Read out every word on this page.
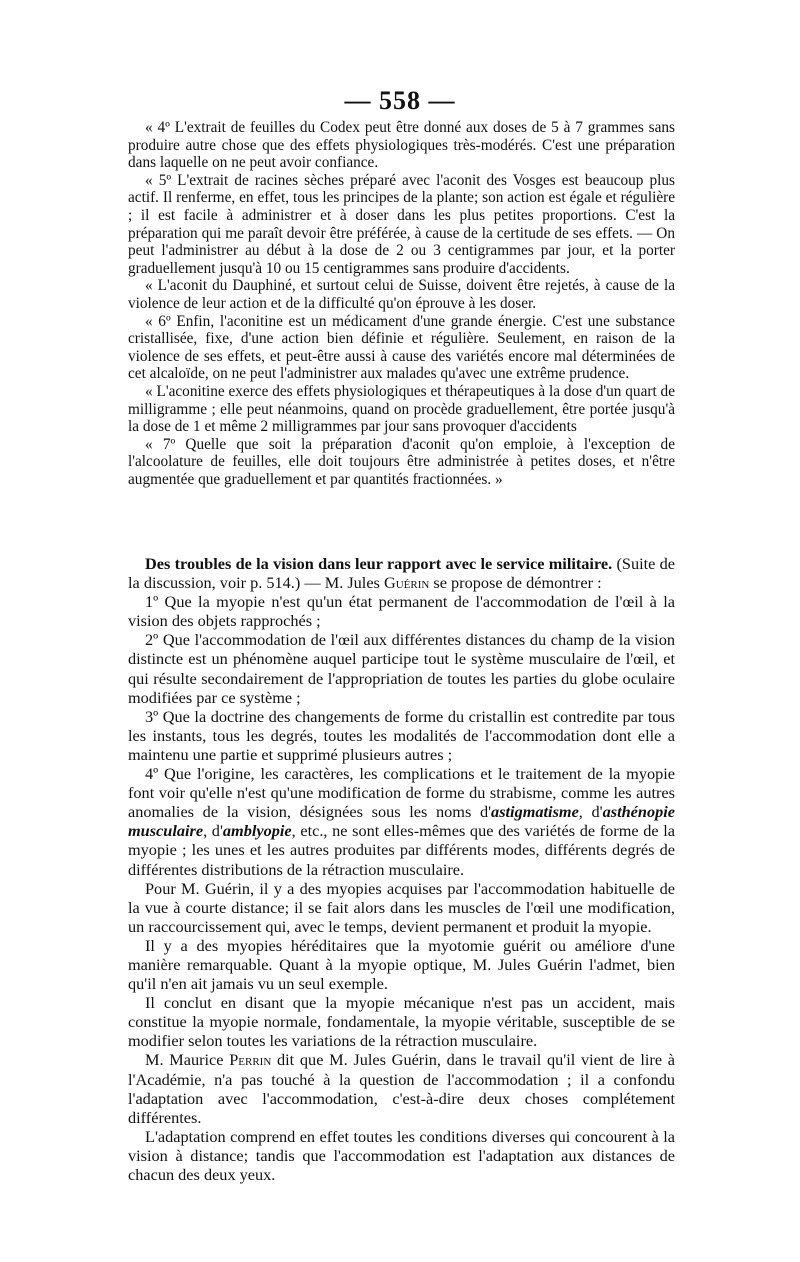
— 558 —

« 4º L'extrait de feuilles du Codex peut être donné aux doses de 5 à 7 grammes sans produire autre chose que des effets physiologiques très-modérés. C'est une préparation dans laquelle on ne peut avoir confiance.

« 5º L'extrait de racines sèches préparé avec l'aconit des Vosges est beaucoup plus actif. Il renferme, en effet, tous les principes de la plante; son action est égale et régulière ; il est facile à administrer et à doser dans les plus petites proportions. C'est la préparation qui me paraît devoir être préférée, à cause de la certitude de ses effets. — On peut l'administrer au début à la dose de 2 ou 3 centigrammes par jour, et la porter graduellement jusqu'à 10 ou 15 centigrammes sans produire d'accidents.

« L'aconit du Dauphiné, et surtout celui de Suisse, doivent être rejetés, à cause de la violence de leur action et de la difficulté qu'on éprouve à les doser.

« 6º Enfin, l'aconitine est un médicament d'une grande énergie. C'est une substance cristallisée, fixe, d'une action bien définie et régulière. Seulement, en raison de la violence de ses effets, et peut-être aussi à cause des variétés encore mal déterminées de cet alcaloïde, on ne peut l'administrer aux malades qu'avec une extrême prudence.

« L'aconitine exerce des effets physiologiques et thérapeutiques à la dose d'un quart de milligramme ; elle peut néanmoins, quand on procède graduellement, être portée jusqu'à la dose de 1 et même 2 milligrammes par jour sans provoquer d'accidents

« 7º Quelle que soit la préparation d'aconit qu'on emploie, à l'exception de l'alcoolature de feuilles, elle doit toujours être administrée à petites doses, et n'être augmentée que graduellement et par quantités fractionnées. »

Des troubles de la vision dans leur rapport avec le service militaire. (Suite de la discussion, voir p. 514.) — M. Jules Guérin se propose de démontrer :

1º Que la myopie n'est qu'un état permanent de l'accommodation de l'œil à la vision des objets rapprochés ;

2º Que l'accommodation de l'œil aux différentes distances du champ de la vision distincte est un phénomène auquel participe tout le système musculaire de l'œil, et qui résulte secondairement de l'appropriation de toutes les parties du globe oculaire modifiées par ce système ;

3º Que la doctrine des changements de forme du cristallin est contredite par tous les instants, tous les degrés, toutes les modalités de l'accommodation dont elle a maintenu une partie et supprimé plusieurs autres ;

4º Que l'origine, les caractères, les complications et le traitement de la myopie font voir qu'elle n'est qu'une modification de forme du strabisme, comme les autres anomalies de la vision, désignées sous les noms d'astigmatisme, d'asthénopie musculaire, d'amblyopie, etc., ne sont elles-mêmes que des variétés de forme de la myopie ; les unes et les autres produites par différents modes, différents degrés de différentes distributions de la rétraction musculaire.

Pour M. Guérin, il y a des myopies acquises par l'accommodation habituelle de la vue à courte distance; il se fait alors dans les muscles de l'œil une modification, un raccourcissement qui, avec le temps, devient permanent et produit la myopie.

Il y a des myopies héréditaires que la myotomie guérit ou améliore d'une manière remarquable. Quant à la myopie optique, M. Jules Guérin l'admet, bien qu'il n'en ait jamais vu un seul exemple.

Il conclut en disant que la myopie mécanique n'est pas un accident, mais constitue la myopie normale, fondamentale, la myopie véritable, susceptible de se modifier selon toutes les variations de la rétraction musculaire.

M. Maurice Perrin dit que M. Jules Guérin, dans le travail qu'il vient de lire à l'Académie, n'a pas touché à la question de l'accommodation ; il a confondu l'adaptation avec l'accommodation, c'est-à-dire deux choses complétement différentes.

L'adaptation comprend en effet toutes les conditions diverses qui concourent à la vision à distance; tandis que l'accommodation est l'adaptation aux distances de chacun des deux yeux.
